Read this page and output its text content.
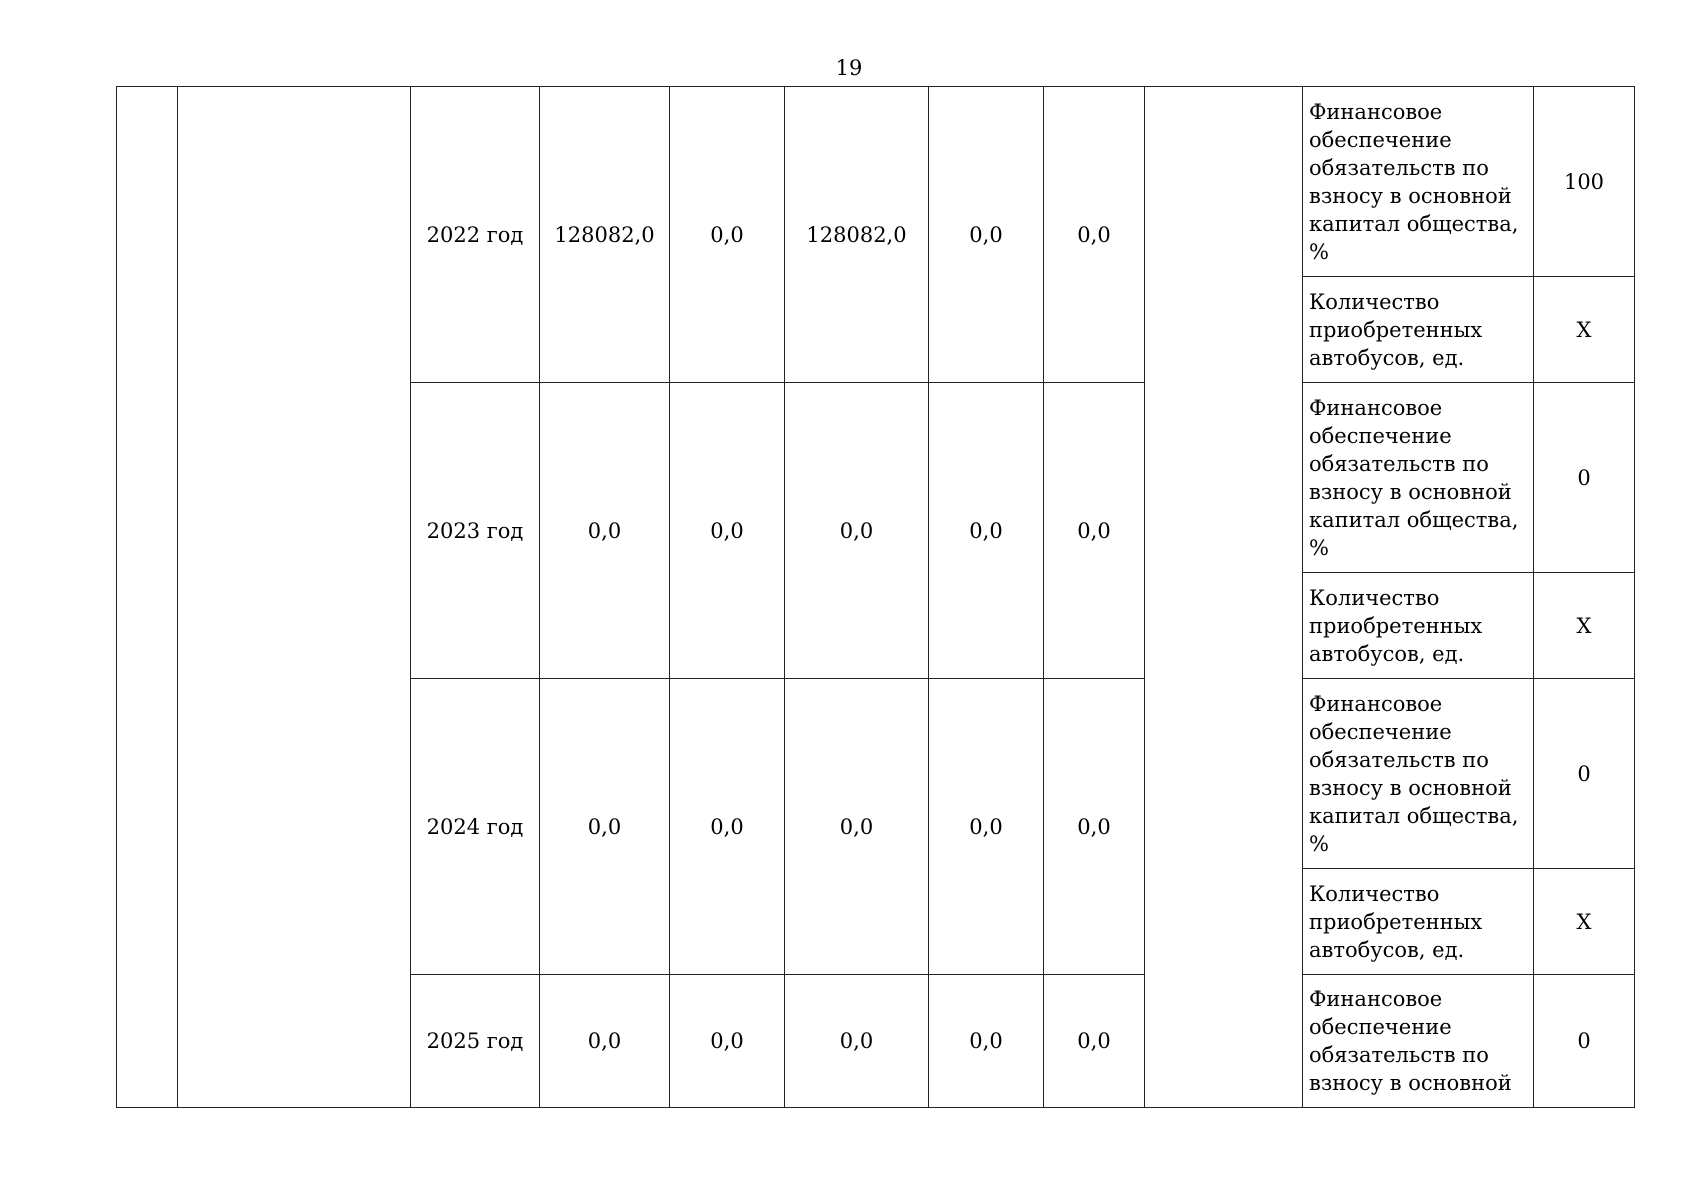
19
		2022 год	128082,0	0,0	128082,0	0,0	0,0		Финансовое обеспечение обязательств по взносу в основной капитал общества, %	100
									Количество приобретенных автобусов, ед.	Х
		2023 год	0,0	0,0	0,0	0,0	0,0		Финансовое обеспечение обязательств по взносу в основной капитал общества, %	0
									Количество приобретенных автобусов, ед.	Х
		2024 год	0,0	0,0	0,0	0,0	0,0		Финансовое обеспечение обязательств по взносу в основной капитал общества, %	0
									Количество приобретенных автобусов, ед.	Х
		2025 год	0,0	0,0	0,0	0,0	0,0		Финансовое обеспечение обязательств по взносу в основной	0
